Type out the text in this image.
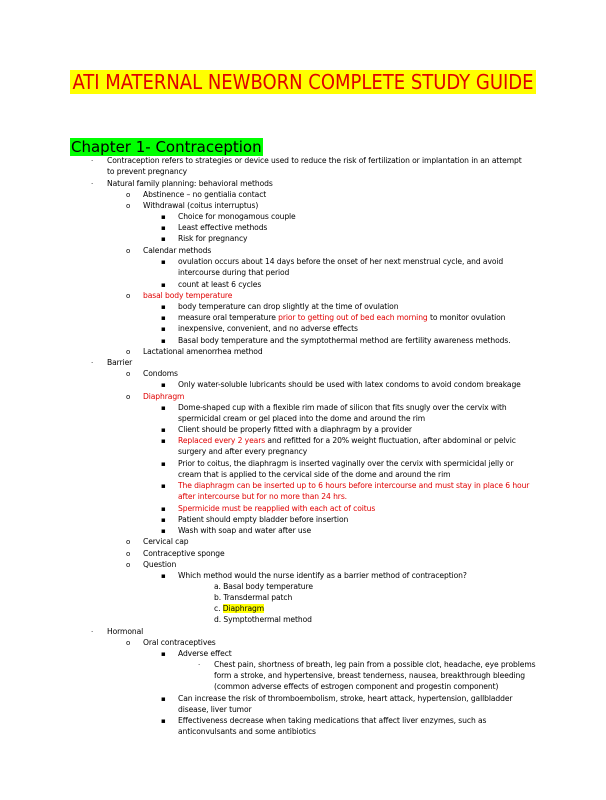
ATI MATERNAL NEWBORN COMPLETE STUDY GUIDE
Chapter 1- Contraception
· Contraception refers to strategies or device used to reduce the risk of fertilization or implantation in an attempt
to prevent pregnancy
· Natural family planning: behavioral methods
o Abstinence – no gentialia contact
o Withdrawal (coitus interruptus)
▪ Choice for monogamous couple
▪ Least effective methods
▪ Risk for pregnancy
o Calendar methods
▪ ovulation occurs about 14 days before the onset of her next menstrual cycle, and avoid
intercourse during that period
▪ count at least 6 cycles
o basal body temperature
▪ body temperature can drop slightly at the time of ovulation
▪ measure oral temperature prior to getting out of bed each morning to monitor ovulation
▪ inexpensive, convenient, and no adverse effects
▪ Basal body temperature and the symptothermal method are fertility awareness methods.
o Lactational amenorrhea method
· Barrier
o Condoms
▪ Only water-soluble lubricants should be used with latex condoms to avoid condom breakage
o Diaphragm
▪ Dome-shaped cup with a flexible rim made of silicon that fits snugly over the cervix with
spermicidal cream or gel placed into the dome and around the rim
▪ Client should be properly fitted with a diaphragm by a provider
▪ Replaced every 2 years and refitted for a 20% weight fluctuation, after abdominal or pelvic
surgery and after every pregnancy
▪ Prior to coitus, the diaphragm is inserted vaginally over the cervix with spermicidal jelly or
cream that is applied to the cervical side of the dome and around the rim
▪ The diaphragm can be inserted up to 6 hours before intercourse and must stay in place 6 hour
after intercourse but for no more than 24 hrs.
▪ Spermicide must be reapplied with each act of coitus
▪ Patient should empty bladder before insertion
▪ Wash with soap and water after use
o Cervical cap
o Contraceptive sponge
o Question
▪ Which method would the nurse identify as a barrier method of contraception?
a. Basal body temperature
b. Transdermal patch
c. Diaphragm
d. Symptothermal method
· Hormonal
o Oral contraceptives
▪ Adverse effect
· Chest pain, shortness of breath, leg pain from a possible clot, headache, eye problems
form a stroke, and hypertensive, breast tenderness, nausea, breakthrough bleeding
(common adverse effects of estrogen component and progestin component)
▪ Can increase the risk of thromboembolism, stroke, heart attack, hypertension, gallbladder
disease, liver tumor
▪ Effectiveness decrease when taking medications that affect liver enzymes, such as
anticonvulsants and some antibiotics
